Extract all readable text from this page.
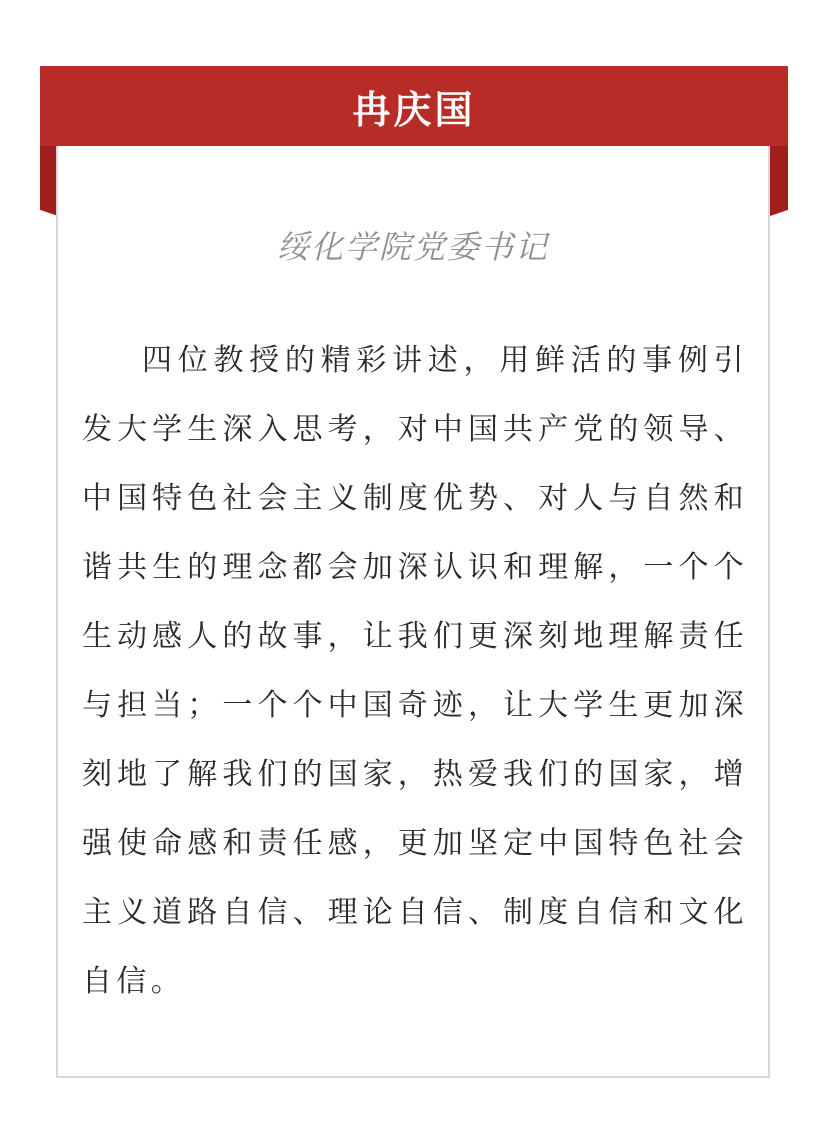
冉庆国
绥化学院党委书记

四位教授的精彩讲述，用鲜活的事例引发大学生深入思考，对中国共产党的领导、中国特色社会主义制度优势、对人与自然和谐共生的理念都会加深认识和理解，一个个生动感人的故事，让我们更深刻地理解责任与担当；一个个中国奇迹，让大学生更加深刻地了解我们的国家，热爱我们的国家，增强使命感和责任感，更加坚定中国特色社会主义道路自信、理论自信、制度自信和文化自信。
